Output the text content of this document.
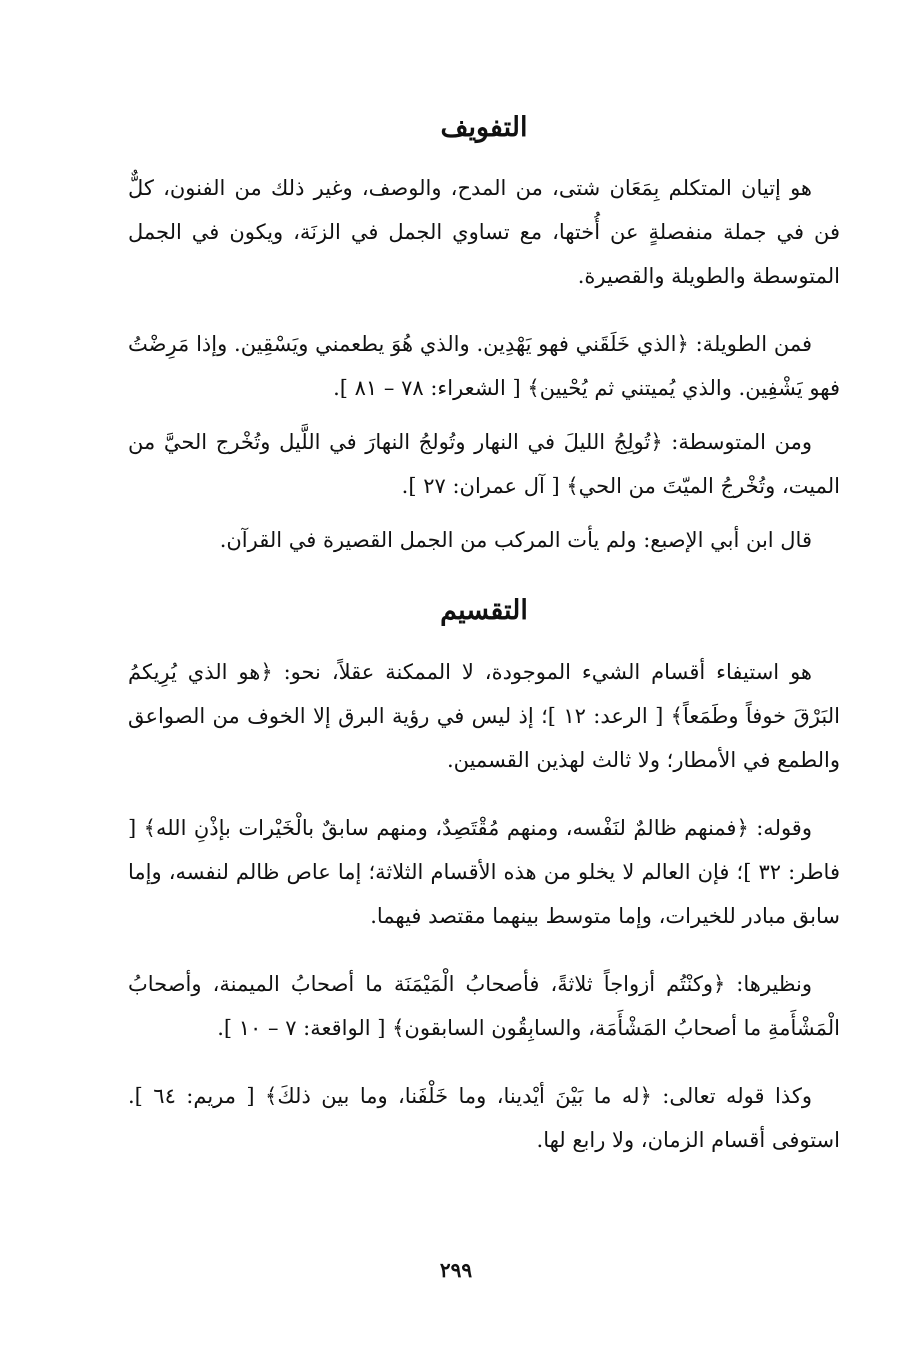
التفويف

هو إتيان المتكلم بِمَعَان شتى، من المدح، والوصف، وغير ذلك من الفنون، كلٌّ فن في جملة منفصلةٍ عن أُختها، مع تساوي الجمل في الزنَة، ويكون في الجمل المتوسطة والطويلة والقصيرة.

فمن الطويلة: ﴿الذي خَلَقَني فهو يَهْدِين. والذي هُوَ يطعمني ويَسْقِين. وإذا مَرِضْتُ فهو يَشْفِين. والذي يُميتني ثم يُحْيين﴾ [ الشعراء: ٧٨ – ٨١ ].

ومن المتوسطة: ﴿تُولِجُ الليلَ في النهار وتُولجُ النهارَ في اللَّيل وتُخْرج الحيَّ من الميت، وتُخْرجُ الميّتَ من الحي﴾ [ آل عمران: ٢٧ ].

قال ابن أبي الإصبع: ولم يأت المركب من الجمل القصيرة في القرآن.

التقسيم

هو استيفاء أقسام الشيء الموجودة، لا الممكنة عقلاً، نحو: ﴿هو الذي يُرِيكمُ البَرْقَ خوفاً وطَمَعاً﴾ [ الرعد: ١٢ ]؛ إذ ليس في رؤية البرق إلا الخوف من الصواعق والطمع في الأمطار؛ ولا ثالث لهذين القسمين.

وقوله: ﴿فمنهم ظالمٌ لنَفْسه، ومنهم مُقْتَصِدٌ، ومنهم سابقٌ بالْخَيْرات بإذْنِ الله﴾ [ فاطر: ٣٢ ]؛ فإن العالم لا يخلو من هذه الأقسام الثلاثة؛ إما عاص ظالم لنفسه، وإما سابق مبادر للخيرات، وإما متوسط بينهما مقتصد فيهما.

ونظيرها: ﴿وكنْتُم أزواجاً ثلاثةً، فأصحابُ الْمَيْمَنَة ما أصحابُ الميمنة، وأصحابُ الْمَشْأَمةِ ما أصحابُ المَشْأَمَة، والسابِقُون السابقون﴾ [ الواقعة: ٧ – ١٠ ].

وكذا قوله تعالى: ﴿له ما بَيْنَ أيْدينا، وما خَلْفَنا، وما بين ذلكَ﴾ [ مريم: ٦٤ ]. استوفى أقسام الزمان، ولا رابع لها.

٢٩٩
